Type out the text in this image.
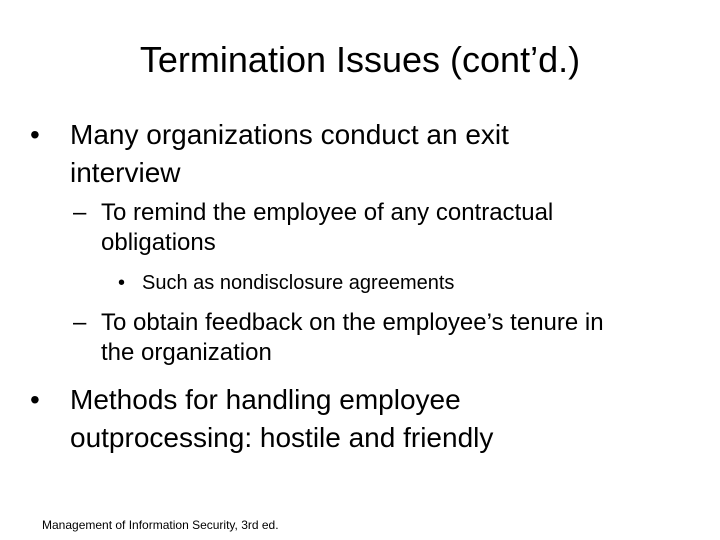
Termination Issues (cont’d.)
• Many organizations conduct an exit
interview
– To remind the employee of any contractual
obligations
• Such as nondisclosure agreements
– To obtain feedback on the employee’s tenure in
the organization
• Methods for handling employee
outprocessing: hostile and friendly
Management of Information Security, 3rd ed.
